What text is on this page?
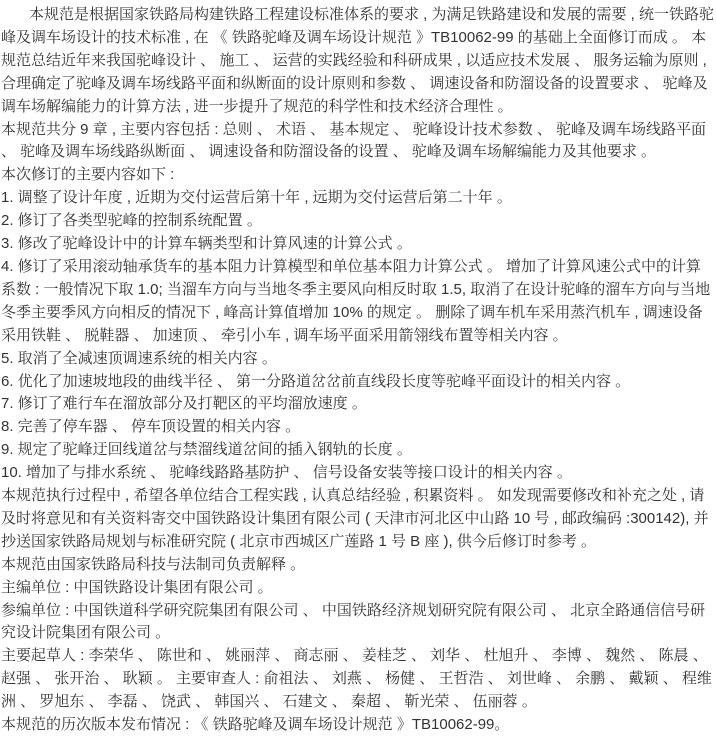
本规范是根据国家铁路局构建铁路工程建设标准体系的要求 , 为满足铁路建设和发展的需要 , 统一铁路驼峰及调车场设计的技术标准 , 在 《 铁路驼峰及调车场设计规范 》TB10062-99 的基础上全面修订而成 。 本规范总结近年来我国驼峰设计 、 施工 、 运营的实践经验和科研成果 , 以适应技术发展 、 服务运输为原则 , 合理确定了驼峰及调车场线路平面和纵断面的设计原则和参数 、 调速设备和防溜设备的设置要求 、 驼峰及调车场解编能力的计算方法 , 进一步提升了规范的科学性和技术经济合理性 。

本规范共分 9 章 , 主要内容包括 : 总则 、 术语 、 基本规定 、 驼峰设计技术参数 、 驼峰及调车场线路平面 、 驼峰及调车场线路纵断面 、 调速设备和防溜设备的设置 、 驼峰及调车场解编能力及其他要求 。

本次修订的主要内容如下 :

1. 调整了设计年度 , 近期为交付运营后第十年 , 远期为交付运营后第二十年 。

2. 修订了各类型驼峰的控制系统配置 。

3. 修改了驼峰设计中的计算车辆类型和计算风速的计算公式 。

4. 修订了采用滚动轴承货车的基本阻力计算模型和单位基本阻力计算公式 。 增加了计算风速公式中的计算系数 : 一般情况下取 1.0; 当溜车方向与当地冬季主要风向相反时取 1.5, 取消了在设计驼峰的溜车方向与当地冬季主要季风方向相反的情况下 , 峰高计算值增加 10% 的规定 。 删除了调车机车采用蒸汽机车 , 调速设备采用铁鞋 、 脱鞋器 、 加速顶 、 牵引小车 , 调车场平面采用箭翎线布置等相关内容 。

5. 取消了全减速顶调速系统的相关内容 。

6. 优化了加速坡地段的曲线半径 、 第一分路道岔岔前直线段长度等驼峰平面设计的相关内容 。

7. 修订了难行车在溜放部分及打靶区的平均溜放速度 。

8. 完善了停车器 、 停车顶设置的相关内容 。

9. 规定了驼峰迂回线道岔与禁溜线道岔间的插入钢轨的长度 。

10. 增加了与排水系统 、 驼峰线路路基防护 、 信号设备安装等接口设计的相关内容 。

本规范执行过程中 , 希望各单位结合工程实践 , 认真总结经验 , 积累资料 。 如发现需要修改和补充之处 , 请及时将意见和有关资料寄交中国铁路设计集团有限公司 ( 天津市河北区中山路 10 号 , 邮政编码 :300142), 并抄送国家铁路局规划与标准研究院 ( 北京市西城区广莲路 1 号 B 座 ), 供今后修订时参考 。

本规范由国家铁路局科技与法制司负责解释 。

主编单位 : 中国铁路设计集团有限公司 。

参编单位 : 中国铁道科学研究院集团有限公司 、 中国铁路经济规划研究院有限公司 、 北京全路通信信号研究设计院集团有限公司 。

主要起草人 : 李荣华 、 陈世和 、 姚丽萍 、 商志丽 、 姜桂芝 、 刘华 、 杜旭升 、 李博 、 魏然 、 陈晨 、 赵强 、 张开治 、 耿颖 。 主要审查人 : 俞祖法 、 刘燕 、 杨健 、 王哲浩 、 刘世峰 、 余鹏 、 戴颖 、 程维洲 、 罗旭东 、 李磊 、 饶武 、 韩国兴 、 石建文 、 秦超 、 靳光荣 、 伍丽蓉 。

本规范的历次版本发布情况 : 《 铁路驼峰及调车场设计规范 》TB10062-99。
